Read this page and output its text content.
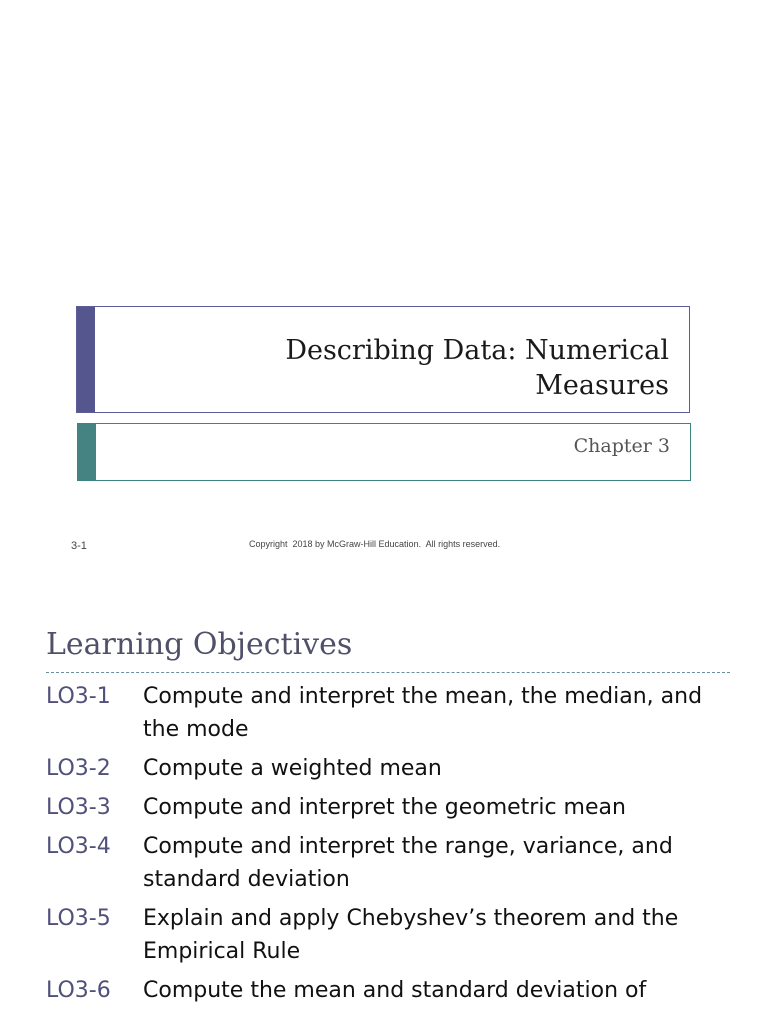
Describing Data: Numerical
Measures
Chapter 3
3-1	Copyright  2018 by McGraw-Hill Education.  All rights reserved.
Learning Objectives
LO3-1	Compute and interpret the mean, the median, and the mode
LO3-2	Compute a weighted mean
LO3-3	Compute and interpret the geometric mean
LO3-4	Compute and interpret the range, variance, and standard deviation
LO3-5	Explain and apply Chebyshev’s theorem and the Empirical Rule
LO3-6	Compute the mean and standard deviation of
